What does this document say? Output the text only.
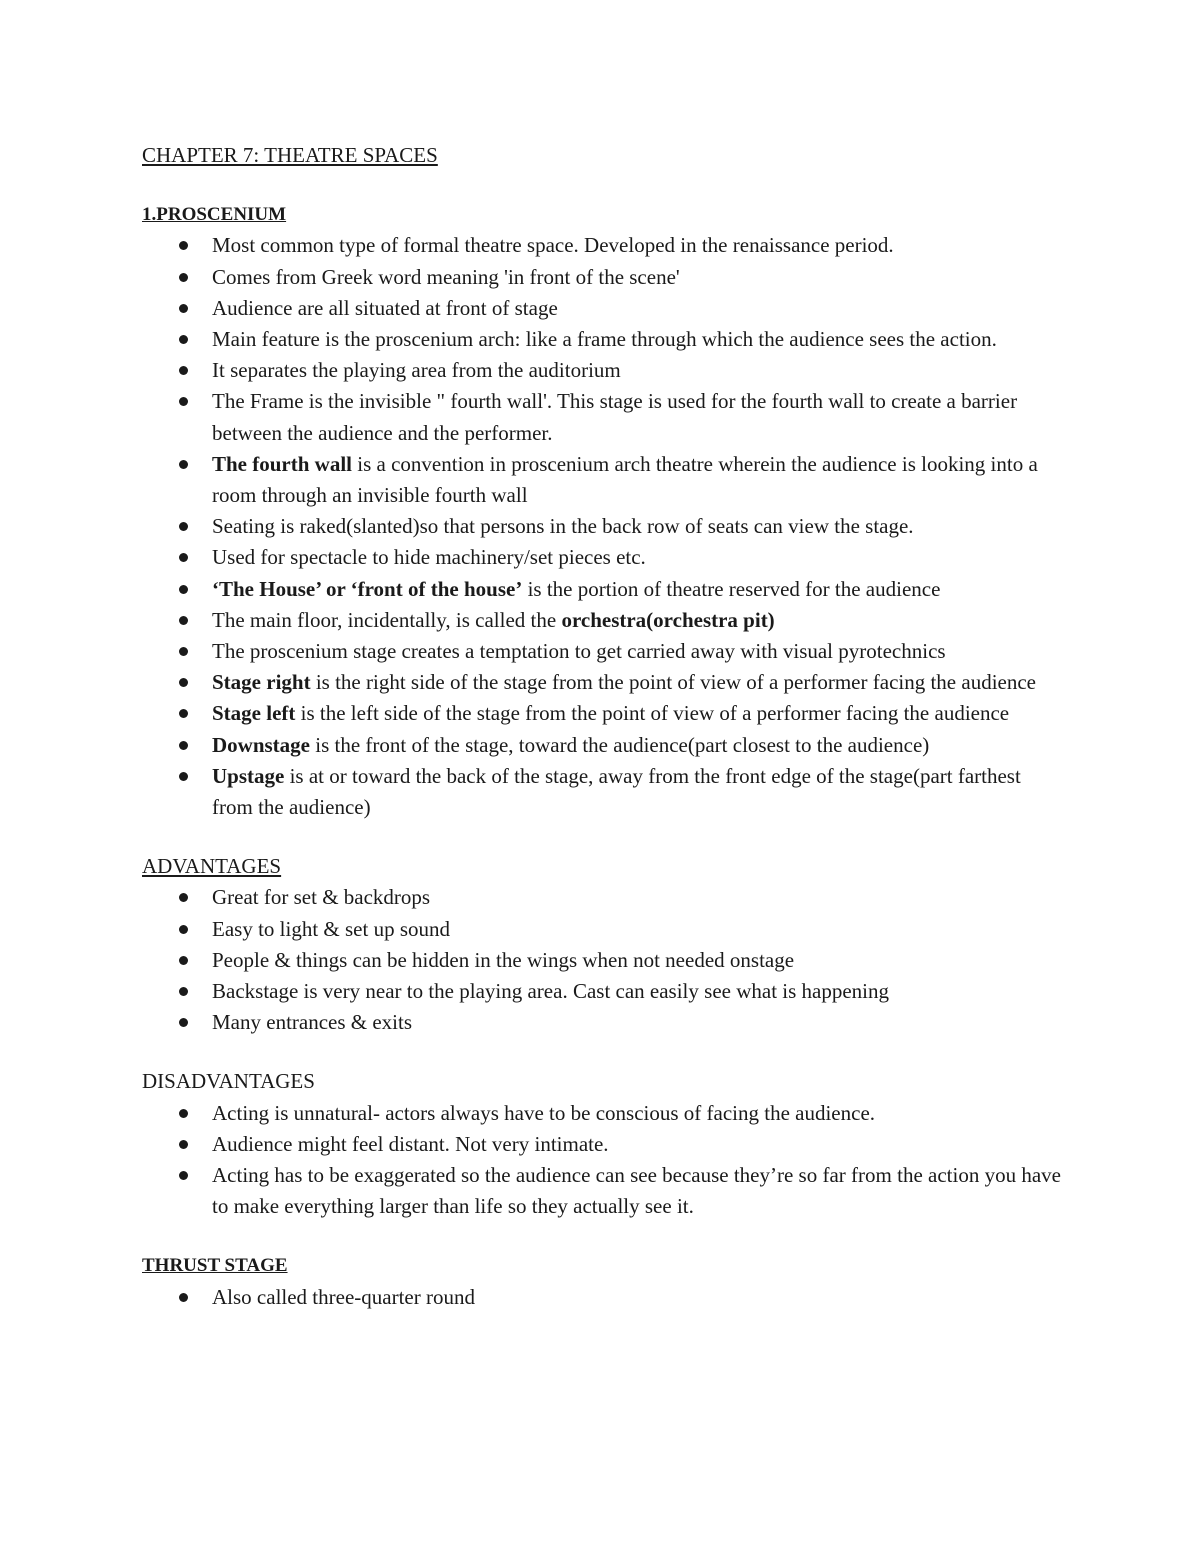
CHAPTER 7: THEATRE SPACES
1.PROSCENIUM
Most common type of formal theatre space. Developed in the renaissance period.
Comes from Greek word meaning 'in front of the scene'
Audience are all situated at front of stage
Main feature is the proscenium arch: like a frame through which the audience sees the action.
It separates the playing area from the auditorium
The Frame is the invisible " fourth wall'. This stage is used for the fourth wall to create a barrier between the audience and the performer.
The fourth wall is a convention in proscenium arch theatre wherein the audience is looking into a room through an invisible fourth wall
Seating is raked(slanted)so that persons in the back row of seats can view the stage.
Used for spectacle to hide machinery/set pieces etc.
‘The House’ or ‘front of the house’ is the portion of theatre reserved for the audience
The main floor, incidentally, is called the orchestra(orchestra pit)
The proscenium stage creates a temptation to get carried away with visual pyrotechnics
Stage right is the right side of the stage from the point of view of a performer facing the audience
Stage left is the left side of the stage from the point of view of a performer facing the audience
Downstage is the front of the stage, toward the audience(part closest to the audience)
Upstage is at or toward the back of the stage, away from the front edge of the stage(part farthest from the audience)
ADVANTAGES
Great for set & backdrops
Easy to light & set up sound
People & things can be hidden in the wings when not needed onstage
Backstage is very near to the playing area. Cast can easily see what is happening
Many entrances & exits
DISADVANTAGES
Acting is unnatural- actors always have to be conscious of facing the audience.
Audience might feel distant. Not very intimate.
Acting has to be exaggerated so the audience can see because they’re so far from the action you have to make everything larger than life so they actually see it.
THRUST STAGE
Also called three-quarter round
